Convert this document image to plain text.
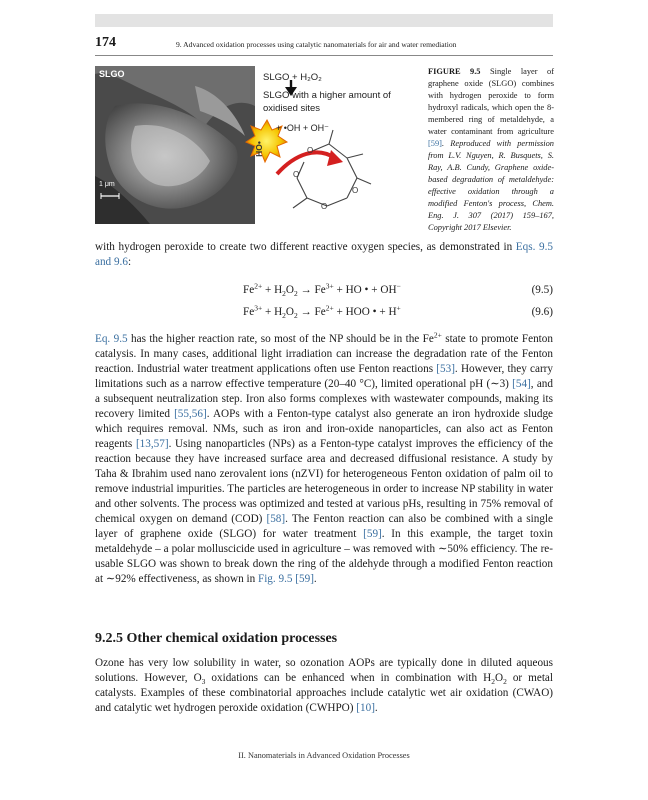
174	9. Advanced oxidation processes using catalytic nanomaterials for air and water remediation
SLGO
1 μm
SLGO + H₂O₂
SLGO with a higher amount of
oxidised sites
+ •OH + OH⁻
HO•	O
O
O
O
FIGURE 9.5 Single layer of graphene oxide (SLGO) combines with hydrogen peroxide to form hydroxyl radicals, which open the 8-membered ring of metaldehyde, a water contaminant from agriculture [59]. Reproduced with permission from L.V. Nguyen, R. Busquets, S. Ray, A.B. Cundy, Graphene oxide-based degradation of metaldehyde: effective oxidation through a modified Fenton's process, Chem. Eng. J. 307 (2017) 159–167, Copyright 2017 Elsevier.
with hydrogen peroxide to create two different reactive oxygen species, as demonstrated in Eqs. 9.5 and 9.6:
$Fe^{2+} + H_2O_2 \to Fe^{3+}$ + HO • + OH−	(9.5)
$Fe^{3+} + H_2O_2 \to Fe^{2+}$ + HOO • + H+	(9.6)
Eq. 9.5 has the higher reaction rate, so most of the NP should be in the $Fe^{2+}$ state to promote Fenton catalysis. In many cases, additional light irradiation can increase the degradation rate of the Fenton reaction. Industrial water treatment applications often use Fenton reactions [53]. However, they carry limitations such as a narrow effective temperature (20–40 °C), limited operational pH (∼3) [54], and a subsequent neutralization step. Iron also forms complexes with wastewater compounds, making its recovery limited [55,56]. AOPs with a Fenton-type catalyst also generate an iron hydroxide sludge which requires removal. NMs, such as iron and iron-oxide nanoparticles, can also act as Fenton reagents [13,57]. Using nanoparticles (NPs) as a Fenton-type catalyst improves the efficiency of the reaction because they have increased surface area and decreased diffusional resistance. A study by Taha & Ibrahim used nano zerovalent ions (nZVI) for heterogeneous Fenton oxidation of palm oil to remove industrial impurities. The particles are heterogeneous in order to increase NP stability in water and other solvents. The process was optimized and tested at various pHs, resulting in 75% removal of chemical oxygen on demand (COD) [58]. The Fenton reaction can also be combined with a single layer of graphene oxide (SLGO) for water treatment [59]. In this example, the target toxin metaldehyde – a polar molluscicide used in agriculture – was removed with ∼50% efficiency. The re-usable SLGO was shown to break down the ring of the aldehyde through a modified Fenton reaction at ∼92% effectiveness, as shown in Fig. 9.5 [59].
9.2.5 Other chemical oxidation processes
Ozone has very low solubility in water, so ozonation AOPs are typically done in diluted aqueous solutions. However, $O_3$ oxidations can be enhanced when in combination with $H_2O_2$ or metal catalysts. Examples of these combinatorial approaches include catalytic wet air oxidation (CWAO) and catalytic wet hydrogen peroxide oxidation (CWHPO) [10].
II. Nanomaterials in Advanced Oxidation Processes
